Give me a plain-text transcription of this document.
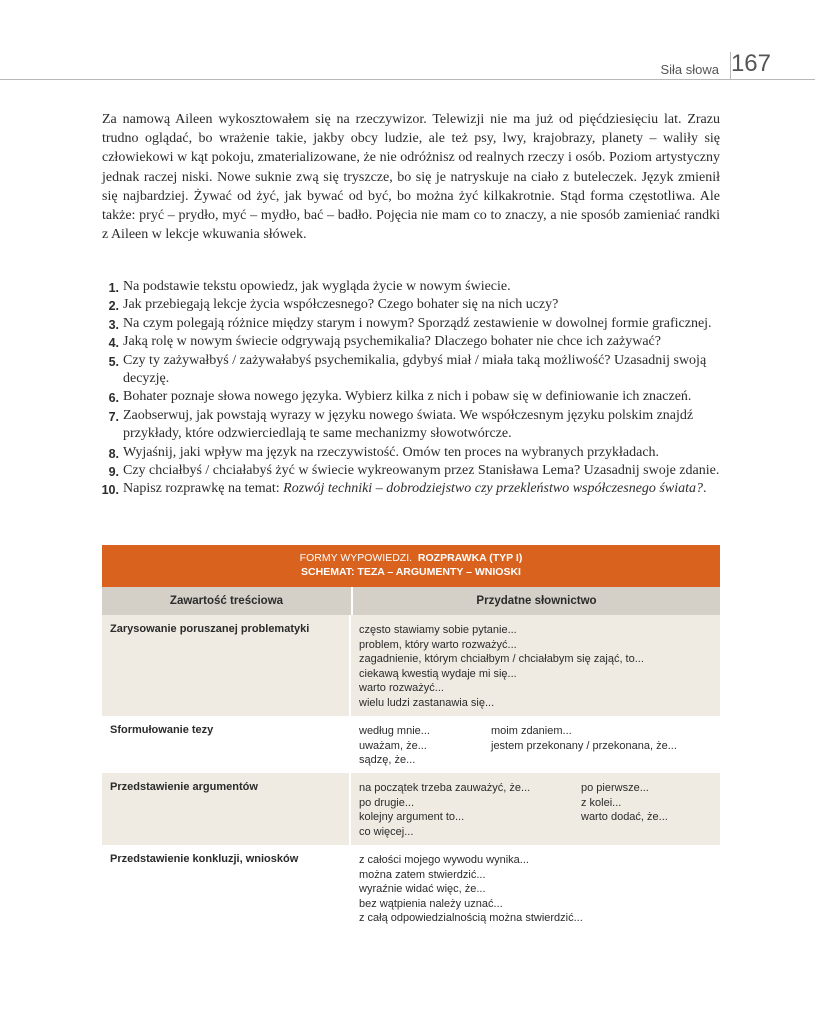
Siła słowa 167
Za namową Aileen wykosztowałem się na rzeczywizor. Telewizji nie ma już od pięćdziesięciu lat. Zrazu trudno oglądać, bo wrażenie takie, jakby obcy ludzie, ale też psy, lwy, krajobrazy, planety – waliły się człowiekowi w kąt pokoju, zmaterializowane, że nie odróżnisz od realnych rzeczy i osób. Poziom artystyczny jednak raczej niski. Nowe suknie zwą się tryszcze, bo się je natryskuje na ciało z buteleczek. Język zmienił się najbardziej. Żywać od żyć, jak bywać od być, bo można żyć kilkakrotnie. Stąd forma częstotliwa. Ale także: pryć – prydło, myć – mydło, bać – badło. Pojęcia nie mam co to znaczy, a nie sposób zamieniać randki z Aileen w lekcje wkuwania słówek.
1. Na podstawie tekstu opowiedz, jak wygląda życie w nowym świecie.
2. Jak przebiegają lekcje życia współczesnego? Czego bohater się na nich uczy?
3. Na czym polegają różnice między starym i nowym? Sporządź zestawienie w dowolnej formie graficznej.
4. Jaką rolę w nowym świecie odgrywają psychemikalia? Dlaczego bohater nie chce ich zażywać?
5. Czy ty zażywałbyś / zażywałabyś psychemikalia, gdybyś miał / miała taką możliwość? Uzasadnij swoją decyzję.
6. Bohater poznaje słowa nowego języka. Wybierz kilka z nich i pobaw się w definiowanie ich znaczeń.
7. Zaobserwuj, jak powstają wyrazy w języku nowego świata. We współczesnym języku polskim znajdź przykłady, które odzwierciedlają te same mechanizmy słowotwórcze.
8. Wyjaśnij, jaki wpływ ma język na rzeczywistość. Omów ten proces na wybranych przykładach.
9. Czy chciałbyś / chciałabyś żyć w świecie wykreowanym przez Stanisława Lema? Uzasadnij swoje zdanie.
10. Napisz rozprawkę na temat: Rozwój techniki – dobrodziejstwo czy przekleństwo współczesnego świata?.
FORMY WYPOWIEDZI. ROZPRAWKA (TYP I)
SCHEMAT: TEZA – ARGUMENTY – WNIOSKI
Zawartość treściowa	Przydatne słownictwo
Zarysowanie poruszanej problematyki	często stawiamy sobie pytanie...
problem, który warto rozważyć...
zagadnienie, którym chciałbym / chciałabym się zająć, to...
ciekawą kwestią wydaje mi się...
warto rozważyć...
wielu ludzi zastanawia się...
Sformułowanie tezy	według mnie...	moim zdaniem...
uważam, że...	jestem przekonany / przekonana, że...
sądzę, że...
Przedstawienie argumentów	na początek trzeba zauważyć, że...	po pierwsze...
po drugie...	z kolei...
kolejny argument to...	warto dodać, że...
co więcej...
Przedstawienie konkluzji, wniosków	z całości mojego wywodu wynika...
można zatem stwierdzić...
wyraźnie widać więc, że...
bez wątpienia należy uznać...
z całą odpowiedzialnością można stwierdzić...
